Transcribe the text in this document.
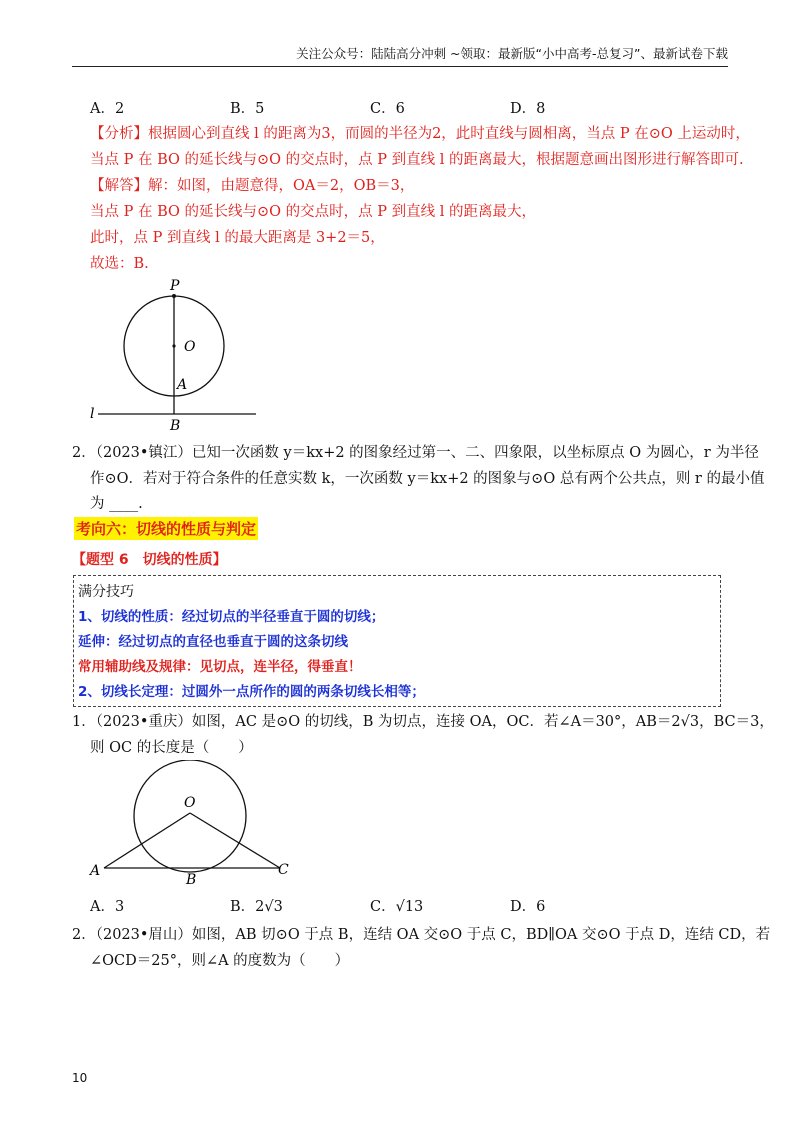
关注公众号：陆陆高分冲刺 ~领取：最新版“小中高考-总复习”、最新试卷下载
A．2	B．5	C．6	D．8
【分析】根据圆心到直线 l 的距离为3，而圆的半径为2，此时直线与圆相离，当点 P 在⊙O 上运动时，
当点 P 在 BO 的延长线与⊙O 的交点时，点 P 到直线 l 的距离最大，根据题意画出图形进行解答即可.
【解答】解：如图，由题意得，OA＝2，OB＝3，
当点 P 在 BO 的延长线与⊙O 的交点时，点 P 到直线 l 的距离最大，
此时，点 P 到直线 l 的最大距离是 3+2＝5，
故选：B.
P
O
A
B
l
2．（2023•镇江）已知一次函数 y＝kx+2 的图象经过第一、二、四象限，以坐标原点 O 为圆心，r 为半径
作⊙O．若对于符合条件的任意实数 k，一次函数 y＝kx+2 的图象与⊙O 总有两个公共点，则 r 的最小值
为 ____.
考向六：切线的性质与判定
【题型 6　切线的性质】
满分技巧
1、切线的性质：经过切点的半径垂直于圆的切线；
延伸：经过切点的直径也垂直于圆的这条切线
常用辅助线及规律：见切点，连半径，得垂直！
2、切线长定理：过圆外一点所作的圆的两条切线长相等；
1．（2023•重庆）如图，AC 是⊙O 的切线，B 为切点，连接 OA，OC．若∠A＝30°，AB＝2√3，BC＝3，
则 OC 的长度是（　　）
O
A
B
C
A．3	B．2√3	C．√13	D．6
2．（2023•眉山）如图，AB 切⊙O 于点 B，连结 OA 交⊙O 于点 C，BD∥OA 交⊙O 于点 D，连结 CD，若
∠OCD＝25°，则∠A 的度数为（　　）
10
